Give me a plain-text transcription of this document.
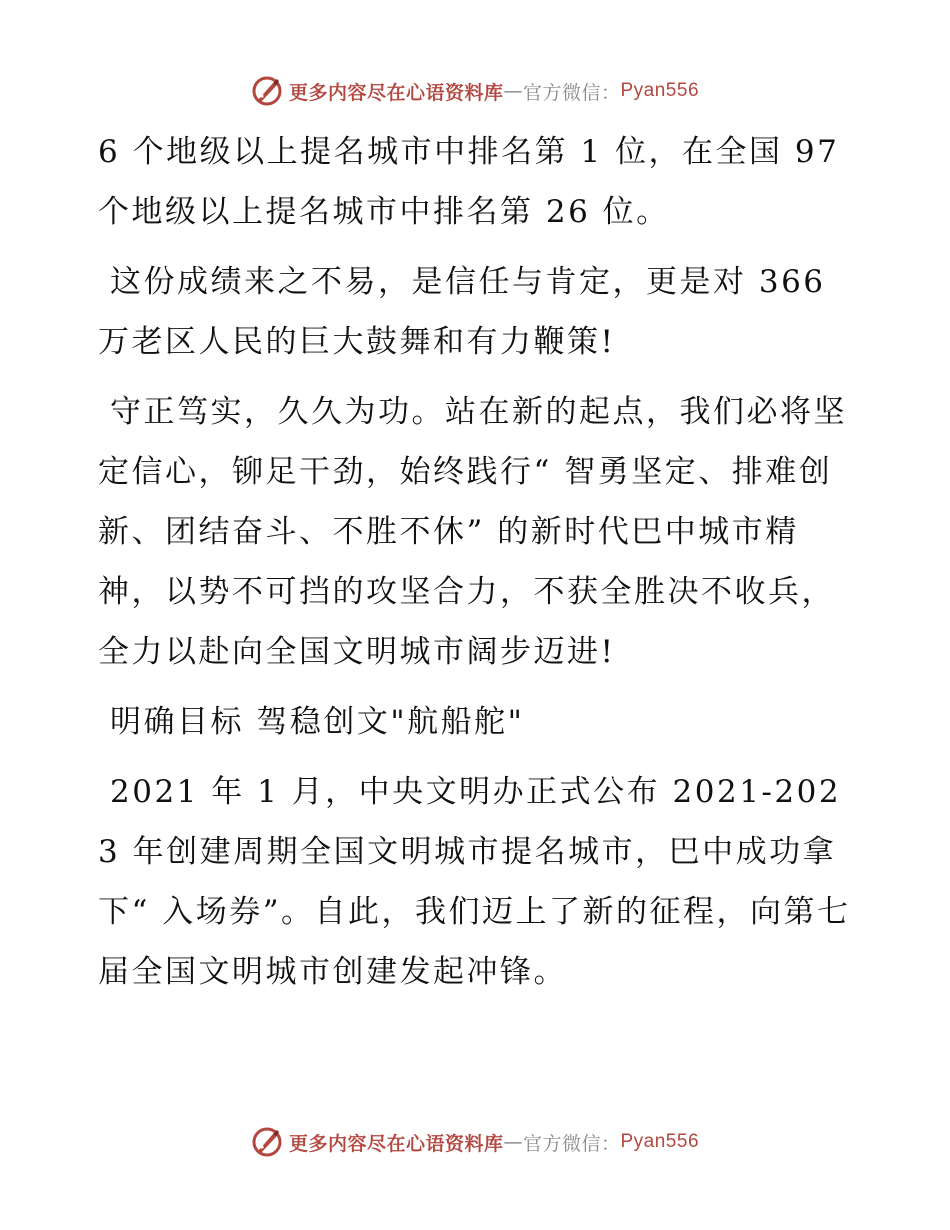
更多内容尽在心语资料库 — 官方微信： Pyan556

6 个地级以上提名城市中排名第 1 位，在全国 97 个地级以上提名城市中排名第 26 位。

这份成绩来之不易，是信任与肯定，更是对 366 万老区人民的巨大鼓舞和有力鞭策!

守正笃实，久久为功。站在新的起点，我们必将坚定信心，铆足干劲，始终践行“ 智勇坚定、排难创新、团结奋斗、不胜不休” 的新时代巴中城市精神，以势不可挡的攻坚合力，不获全胜决不收兵，全力以赴向全国文明城市阔步迈进!

明确目标 驾稳创文"航船舵"

2021 年 1 月，中央文明办正式公布 2021-2023 年创建周期全国文明城市提名城市，巴中成功拿下“ 入场券”。自此，我们迈上了新的征程，向第七届全国文明城市创建发起冲锋。

更多内容尽在心语资料库 — 官方微信： Pyan556
